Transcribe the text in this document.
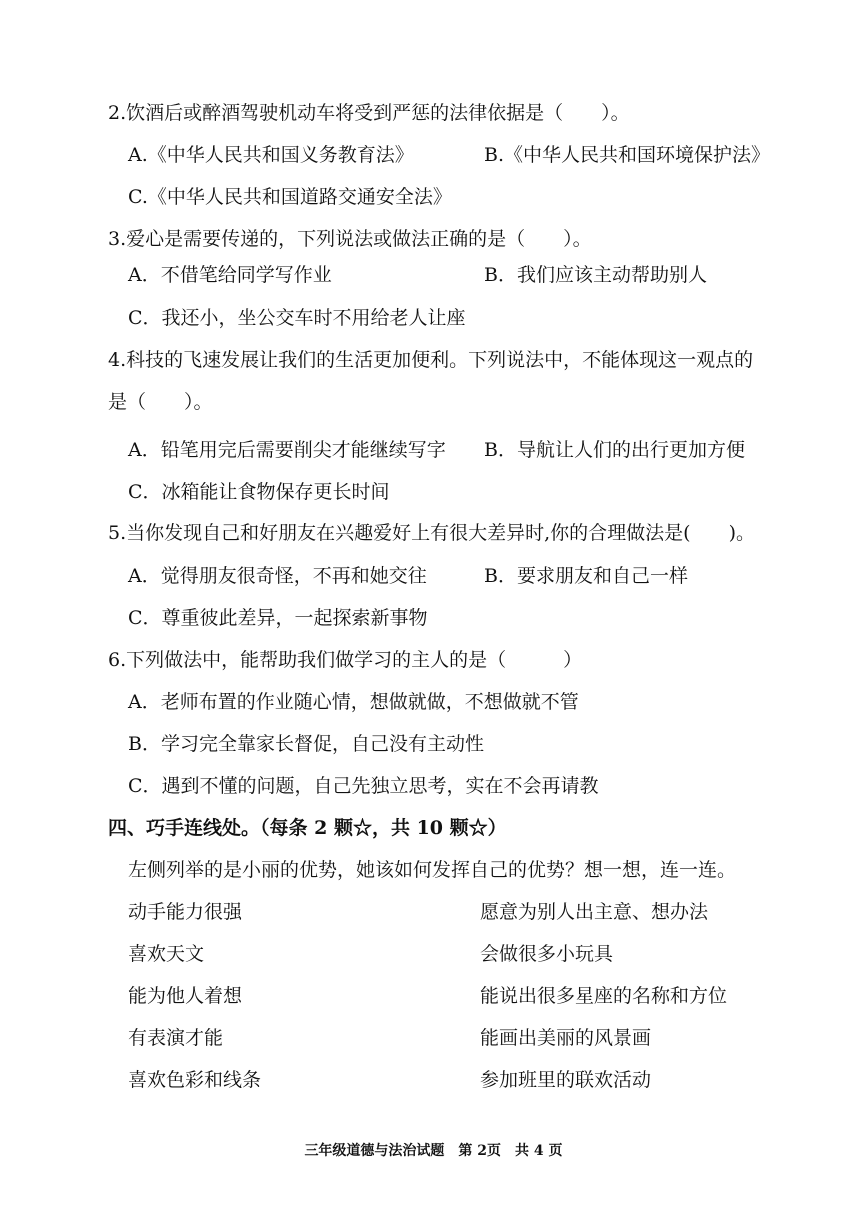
2.饮酒后或醉酒驾驶机动车将受到严惩的法律依据是（　　）。
A.《中华人民共和国义务教育法》	B.《中华人民共和国环境保护法》
C.《中华人民共和国道路交通安全法》
3.爱心是需要传递的，下列说法或做法正确的是（　　）。
A．不借笔给同学写作业	B．我们应该主动帮助别人
C．我还小，坐公交车时不用给老人让座
4.科技的飞速发展让我们的生活更加便利。下列说法中，不能体现这一观点的
是（　　）。
A．铅笔用完后需要削尖才能继续写字 B．导航让人们的出行更加方便
C．冰箱能让食物保存更长时间
5.当你发现自己和好朋友在兴趣爱好上有很大差异时,你的合理做法是(　　)。
A．觉得朋友很奇怪，不再和她交往	B．要求朋友和自己一样
C．尊重彼此差异，一起探索新事物
6.下列做法中，能帮助我们做学习的主人的是（　　　）
A．老师布置的作业随心情，想做就做，不想做就不管
B．学习完全靠家长督促，自己没有主动性
C．遇到不懂的问题，自己先独立思考，实在不会再请教
四、巧手连线处。（每条 2 颗☆，共 10 颗☆）
左侧列举的是小丽的优势，她该如何发挥自己的优势？想一想，连一连。
动手能力很强	愿意为别人出主意、想办法
喜欢天文	会做很多小玩具
能为他人着想	能说出很多星座的名称和方位
有表演才能	能画出美丽的风景画
喜欢色彩和线条	参加班里的联欢活动
三年级道德与法治试题　第 2页　共 4 页
